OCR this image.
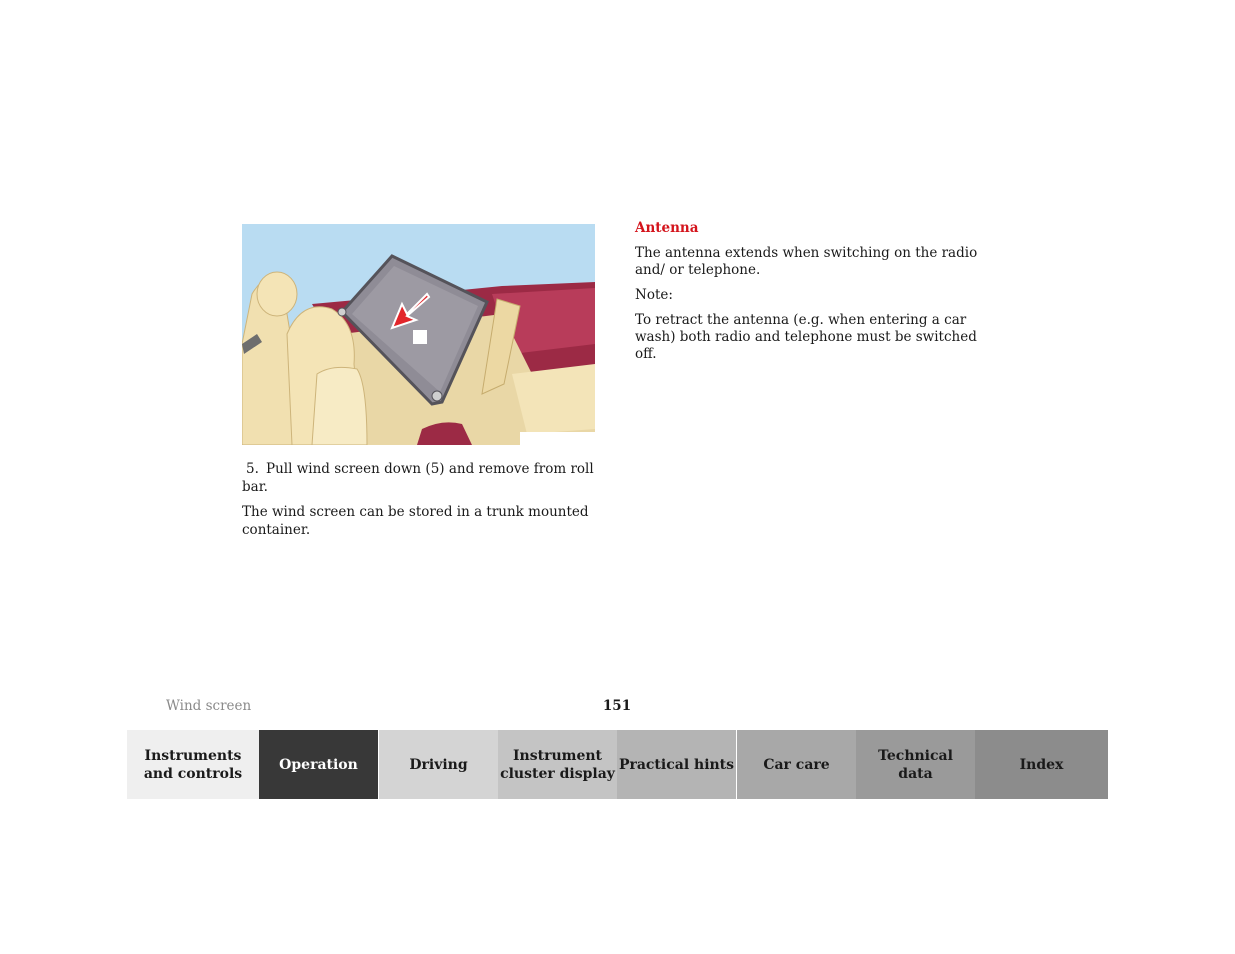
5. Pull wind screen down (5) and remove from roll bar.

The wind screen can be stored in a trunk mounted container.

Antenna

The antenna extends when switching on the radio and/ or telephone.

Note:

To retract the antenna (e.g. when entering a car wash) both radio and telephone must be switched off.

Wind screen	151
Instruments
and controls
Operation	Driving
Instrument
cluster display
Practical hints	Car care
Technical
data
Index
